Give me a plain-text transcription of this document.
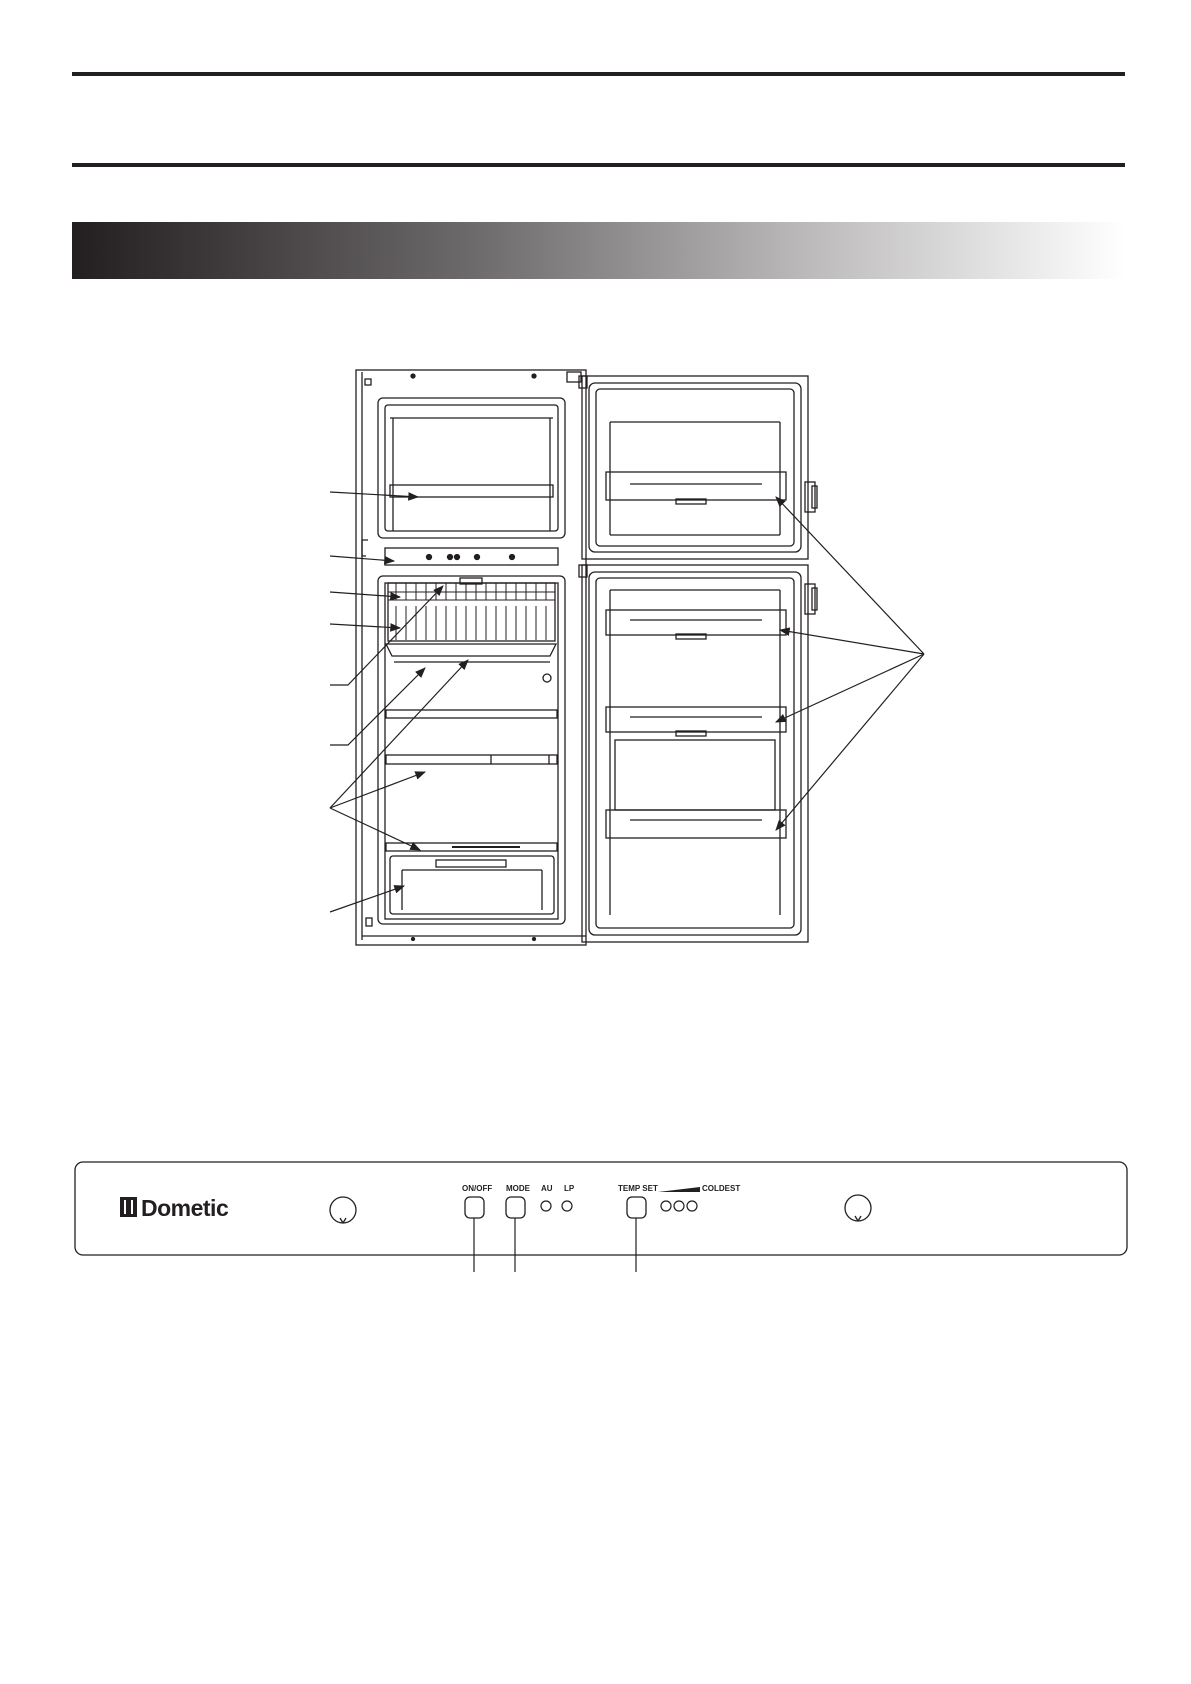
Dometic
ON/OFF MODE AU LP	TEMP SET	COLDEST
